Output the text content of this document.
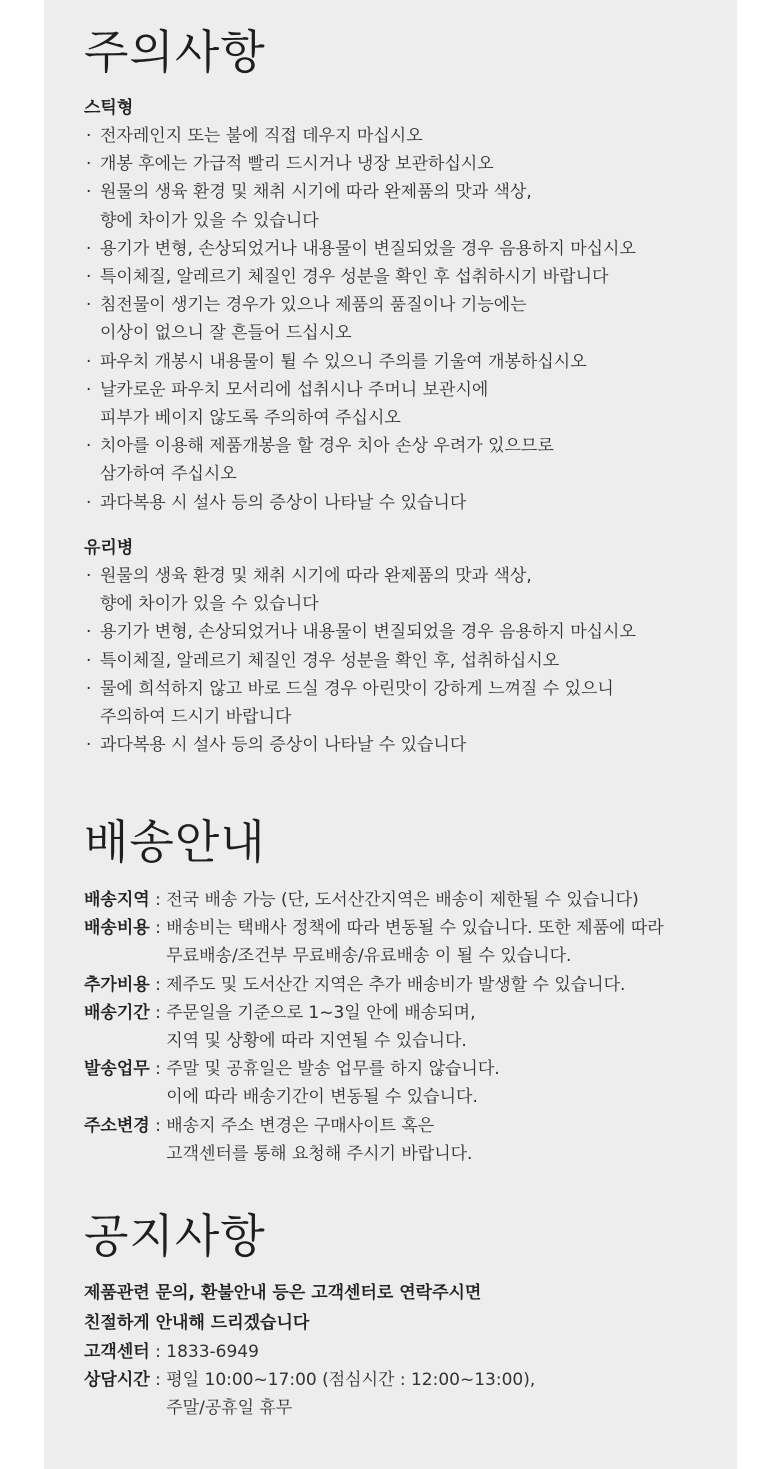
주의사항
스틱형
· 전자레인지 또는 불에 직접 데우지 마십시오
· 개봉 후에는 가급적 빨리 드시거나 냉장 보관하십시오
· 원물의 생육 환경 및 채취 시기에 따라 완제품의 맛과 색상,
향에 차이가 있을 수 있습니다
· 용기가 변형, 손상되었거나 내용물이 변질되었을 경우 음용하지 마십시오
· 특이체질, 알레르기 체질인 경우 성분을 확인 후 섭취하시기 바랍니다
· 침전물이 생기는 경우가 있으나 제품의 품질이나 기능에는
이상이 없으니 잘 흔들어 드십시오
· 파우치 개봉시 내용물이 튈 수 있으니 주의를 기울여 개봉하십시오
· 날카로운 파우치 모서리에 섭취시나 주머니 보관시에
피부가 베이지 않도록 주의하여 주십시오
· 치아를 이용해 제품개봉을 할 경우 치아 손상 우려가 있으므로
삼가하여 주십시오
· 과다복용 시 설사 등의 증상이 나타날 수 있습니다
유리병
· 원물의 생육 환경 및 채취 시기에 따라 완제품의 맛과 색상,
향에 차이가 있을 수 있습니다
· 용기가 변형, 손상되었거나 내용물이 변질되었을 경우 음용하지 마십시오
· 특이체질, 알레르기 체질인 경우 성분을 확인 후, 섭취하십시오
· 물에 희석하지 않고 바로 드실 경우 아린맛이 강하게 느껴질 수 있으니
주의하여 드시기 바랍니다
· 과다복용 시 설사 등의 증상이 나타날 수 있습니다
배송안내
배송지역 : 전국 배송 가능 (단, 도서산간지역은 배송이 제한될 수 있습니다)
배송비용 : 배송비는 택배사 정책에 따라 변동될 수 있습니다. 또한 제품에 따라
무료배송/조건부 무료배송/유료배송 이 될 수 있습니다.
추가비용 : 제주도 및 도서산간 지역은 추가 배송비가 발생할 수 있습니다.
배송기간 : 주문일을 기준으로 1~3일 안에 배송되며,
지역 및 상황에 따라 지연될 수 있습니다.
발송업무 : 주말 및 공휴일은 발송 업무를 하지 않습니다.
이에 따라 배송기간이 변동될 수 있습니다.
주소변경 : 배송지 주소 변경은 구매사이트 혹은
고객센터를 통해 요청해 주시기 바랍니다.
공지사항
제품관련 문의, 환불안내 등은 고객센터로 연락주시면
친절하게 안내해 드리겠습니다
고객센터 : 1833-6949
상담시간 : 평일 10:00~17:00 (점심시간 : 12:00~13:00),
주말/공휴일 휴무
